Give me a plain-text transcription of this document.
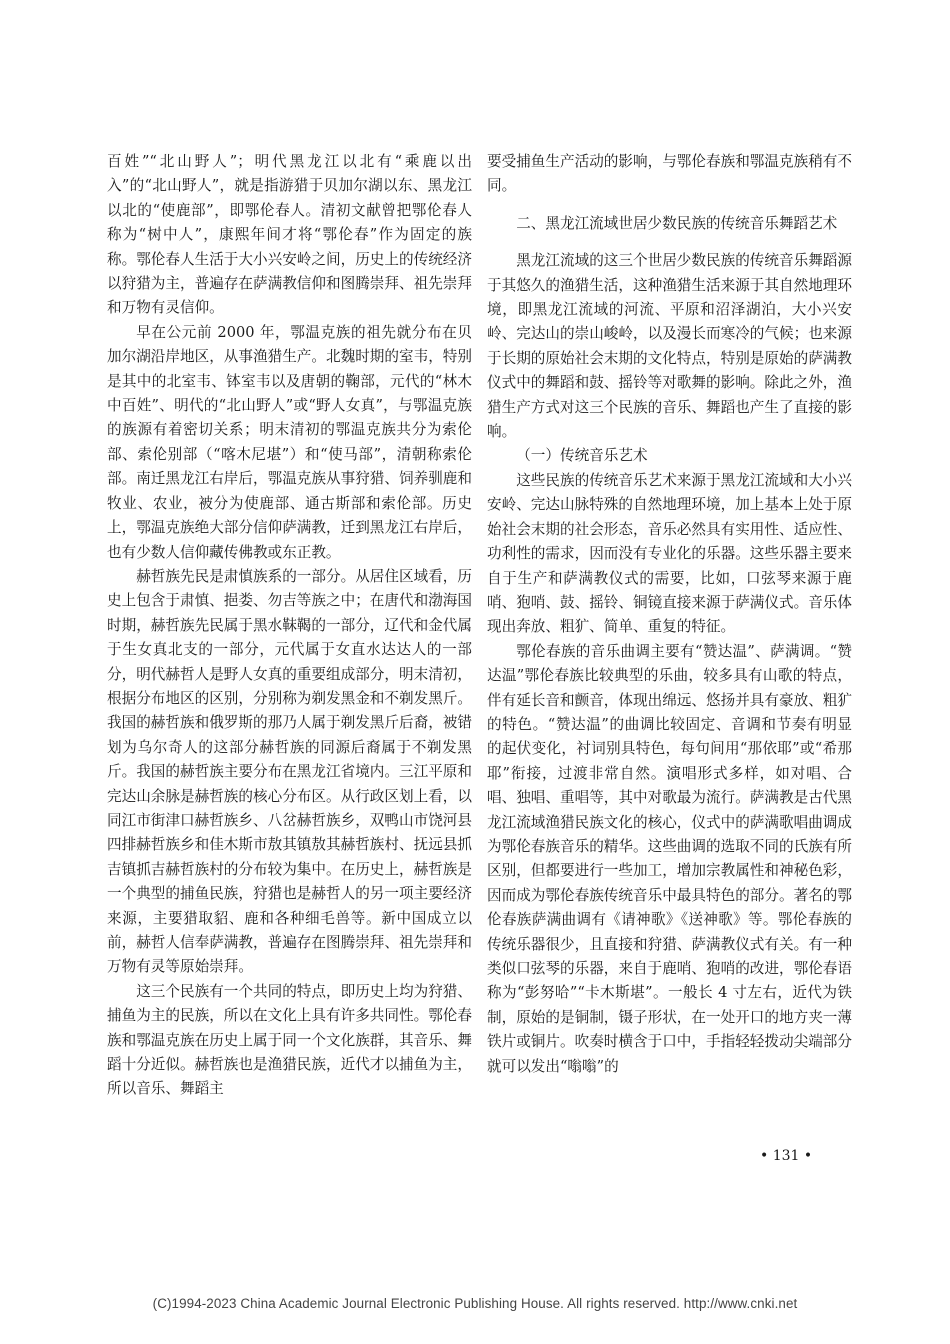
百姓”“北山野人”；明代黑龙江以北有“乘鹿以出入”的“北山野人”，就是指游猎于贝加尔湖以东、黑龙江以北的“使鹿部”，即鄂伦春人。清初文献曾把鄂伦春人称为“树中人”，康熙年间才将“鄂伦春”作为固定的族称。鄂伦春人生活于大小兴安岭之间，历史上的传统经济以狩猎为主，普遍存在萨满教信仰和图腾崇拜、祖先崇拜和万物有灵信仰。

早在公元前 2000 年，鄂温克族的祖先就分布在贝加尔湖沿岸地区，从事渔猎生产。北魏时期的室韦，特别是其中的北室韦、钵室韦以及唐朝的鞠部，元代的“林木中百姓”、明代的“北山野人”或“野人女真”，与鄂温克族的族源有着密切关系；明末清初的鄂温克族共分为索伦部、索伦别部（“喀木尼堪”）和“使马部”，清朝称索伦部。南迁黑龙江右岸后，鄂温克族从事狩猎、饲养驯鹿和牧业、农业，被分为使鹿部、通古斯部和索伦部。历史上，鄂温克族绝大部分信仰萨满教，迁到黑龙江右岸后，也有少数人信仰藏传佛教或东正教。

赫哲族先民是肃慎族系的一部分。从居住区域看，历史上包含于肃慎、挹娄、勿吉等族之中；在唐代和渤海国时期，赫哲族先民属于黑水靺鞨的一部分，辽代和金代属于生女真北支的一部分，元代属于女直水达达人的一部分，明代赫哲人是野人女真的重要组成部分，明末清初，根据分布地区的区别，分别称为剃发黑金和不剃发黑斤。我国的赫哲族和俄罗斯的那乃人属于剃发黑斤后裔，被错划为乌尔奇人的这部分赫哲族的同源后裔属于不剃发黑斤。我国的赫哲族主要分布在黑龙江省境内。三江平原和完达山余脉是赫哲族的核心分布区。从行政区划上看，以同江市街津口赫哲族乡、八岔赫哲族乡，双鸭山市饶河县四排赫哲族乡和佳木斯市敖其镇敖其赫哲族村、抚远县抓吉镇抓吉赫哲族村的分布较为集中。在历史上，赫哲族是一个典型的捕鱼民族，狩猎也是赫哲人的另一项主要经济来源，主要猎取貂、鹿和各种细毛兽等。新中国成立以前，赫哲人信奉萨满教，普遍存在图腾崇拜、祖先崇拜和万物有灵等原始崇拜。

这三个民族有一个共同的特点，即历史上均为狩猎、捕鱼为主的民族，所以在文化上具有许多共同性。鄂伦春族和鄂温克族在历史上属于同一个文化族群，其音乐、舞蹈十分近似。赫哲族也是渔猎民族，近代才以捕鱼为主，所以音乐、舞蹈主

要受捕鱼生产活动的影响，与鄂伦春族和鄂温克族稍有不同。

二、黑龙江流域世居少数民族的传统音乐舞蹈艺术

黑龙江流域的这三个世居少数民族的传统音乐舞蹈源于其悠久的渔猎生活，这种渔猎生活来源于其自然地理环境，即黑龙江流域的河流、平原和沼泽湖泊，大小兴安岭、完达山的崇山峻岭，以及漫长而寒冷的气候；也来源于长期的原始社会末期的文化特点，特别是原始的萨满教仪式中的舞蹈和鼓、摇铃等对歌舞的影响。除此之外，渔猎生产方式对这三个民族的音乐、舞蹈也产生了直接的影响。

（一）传统音乐艺术

这些民族的传统音乐艺术来源于黑龙江流域和大小兴安岭、完达山脉特殊的自然地理环境，加上基本上处于原始社会末期的社会形态，音乐必然具有实用性、适应性、功利性的需求，因而没有专业化的乐器。这些乐器主要来自于生产和萨满教仪式的需要，比如，口弦琴来源于鹿哨、狍哨、鼓、摇铃、铜镜直接来源于萨满仪式。音乐体现出奔放、粗犷、简单、重复的特征。

鄂伦春族的音乐曲调主要有“赞达温”、萨满调。“赞达温”鄂伦春族比较典型的乐曲，较多具有山歌的特点，伴有延长音和颤音，体现出绵远、悠扬并具有豪放、粗犷的特色。“赞达温”的曲调比较固定、音调和节奏有明显的起伏变化，衬词别具特色，每句间用“那依耶”或“希那耶”衔接，过渡非常自然。演唱形式多样，如对唱、合唱、独唱、重唱等，其中对歌最为流行。萨满教是古代黑龙江流域渔猎民族文化的核心，仪式中的萨满歌唱曲调成为鄂伦春族音乐的精华。这些曲调的选取不同的氏族有所区别，但都要进行一些加工，增加宗教属性和神秘色彩，因而成为鄂伦春族传统音乐中最具特色的部分。著名的鄂伦春族萨满曲调有《请神歌》《送神歌》等。鄂伦春族的传统乐器很少，且直接和狩猎、萨满教仪式有关。有一种类似口弦琴的乐器，来自于鹿哨、狍哨的改进，鄂伦春语称为“彭努哈”“卡木斯堪”。一般长 4 寸左右，近代为铁制，原始的是铜制，镊子形状，在一处开口的地方夹一薄铁片或铜片。吹奏时横含于口中，手指轻轻拨动尖端部分就可以发出“嗡嗡”的

• 131 •
(C)1994-2023 China Academic Journal Electronic Publishing House. All rights reserved. http://www.cnki.net
